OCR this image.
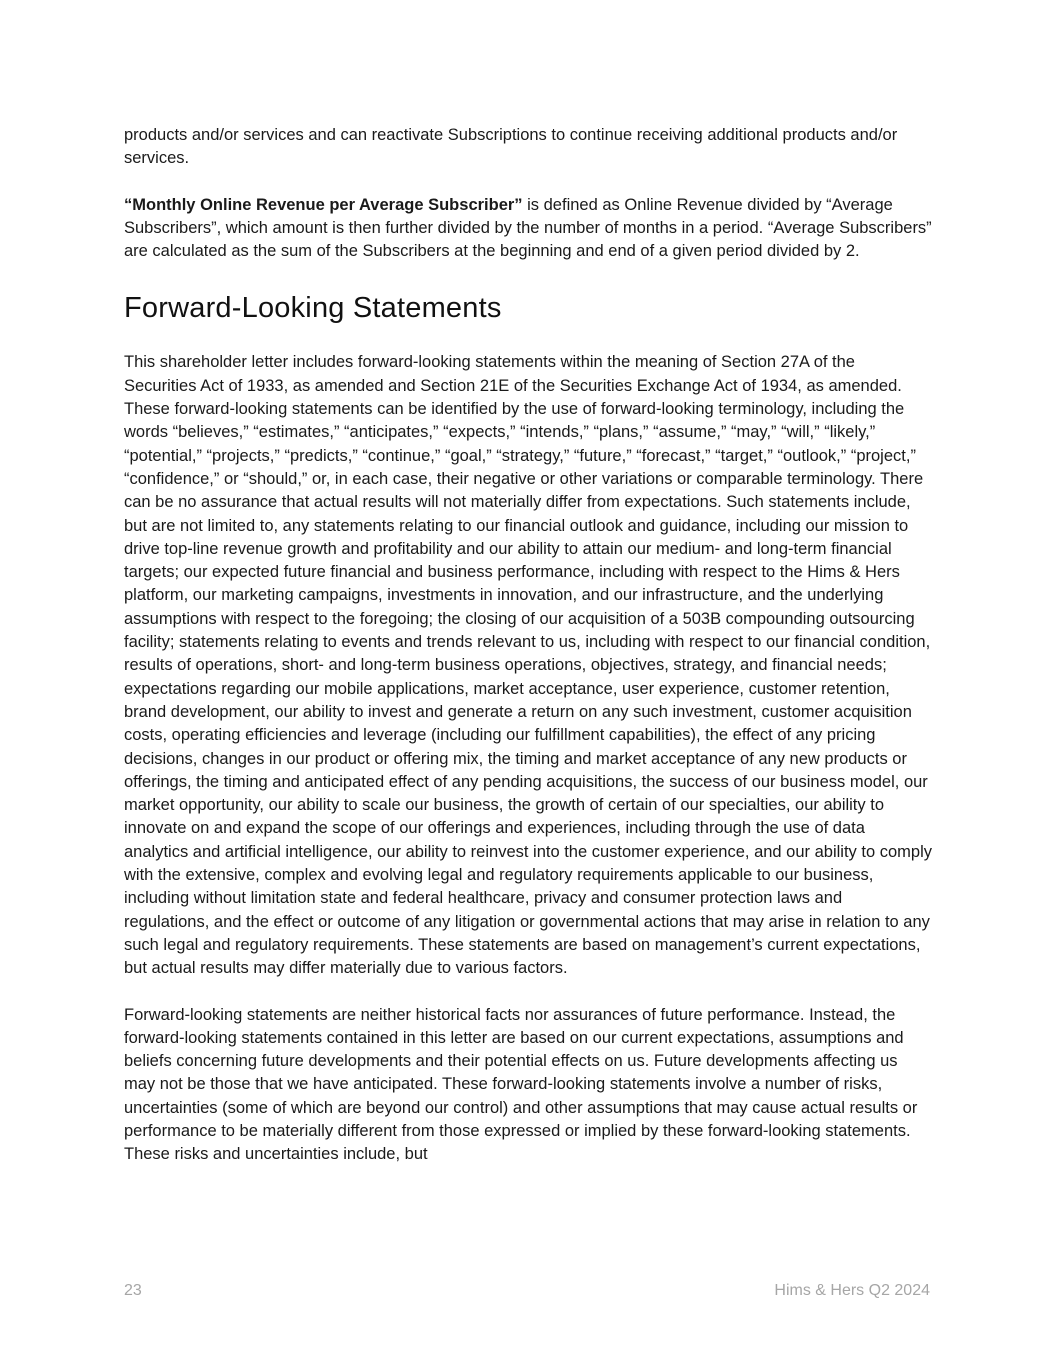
products and/or services and can reactivate Subscriptions to continue receiving additional products and/or services.

“Monthly Online Revenue per Average Subscriber” is defined as Online Revenue divided by “Average Subscribers”, which amount is then further divided by the number of months in a period. “Average Subscribers” are calculated as the sum of the Subscribers at the beginning and end of a given period divided by 2.

Forward-Looking Statements

This shareholder letter includes forward-looking statements within the meaning of Section 27A of the Securities Act of 1933, as amended and Section 21E of the Securities Exchange Act of 1934, as amended. These forward-looking statements can be identified by the use of forward-looking terminology, including the words “believes,” “estimates,” “anticipates,” “expects,” “intends,” “plans,” “assume,” “may,” “will,” “likely,” “potential,” “projects,” “predicts,” “continue,” “goal,” “strategy,” “future,” “forecast,” “target,” “outlook,” “project,” “confidence,” or “should,” or, in each case, their negative or other variations or comparable terminology. There can be no assurance that actual results will not materially differ from expectations. Such statements include, but are not limited to, any statements relating to our financial outlook and guidance, including our mission to drive top-line revenue growth and profitability and our ability to attain our medium- and long-term financial targets; our expected future financial and business performance, including with respect to the Hims & Hers platform, our marketing campaigns, investments in innovation, and our infrastructure, and the underlying assumptions with respect to the foregoing; the closing of our acquisition of a 503B compounding outsourcing facility; statements relating to events and trends relevant to us, including with respect to our financial condition, results of operations, short- and long-term business operations, objectives, strategy, and financial needs; expectations regarding our mobile applications, market acceptance, user experience, customer retention, brand development, our ability to invest and generate a return on any such investment, customer acquisition costs, operating efficiencies and leverage (including our fulfillment capabilities), the effect of any pricing decisions, changes in our product or offering mix, the timing and market acceptance of any new products or offerings, the timing and anticipated effect of any pending acquisitions, the success of our business model, our market opportunity, our ability to scale our business, the growth of certain of our specialties, our ability to innovate on and expand the scope of our offerings and experiences, including through the use of data analytics and artificial intelligence, our ability to reinvest into the customer experience, and our ability to comply with the extensive, complex and evolving legal and regulatory requirements applicable to our business, including without limitation state and federal healthcare, privacy and consumer protection laws and regulations, and the effect or outcome of any litigation or governmental actions that may arise in relation to any such legal and regulatory requirements. These statements are based on management’s current expectations, but actual results may differ materially due to various factors.

Forward-looking statements are neither historical facts nor assurances of future performance. Instead, the forward-looking statements contained in this letter are based on our current expectations, assumptions and beliefs concerning future developments and their potential effects on us. Future developments affecting us may not be those that we have anticipated. These forward-looking statements involve a number of risks, uncertainties (some of which are beyond our control) and other assumptions that may cause actual results or performance to be materially different from those expressed or implied by these forward-looking statements. These risks and uncertainties include, but

23	Hims & Hers Q2 2024
